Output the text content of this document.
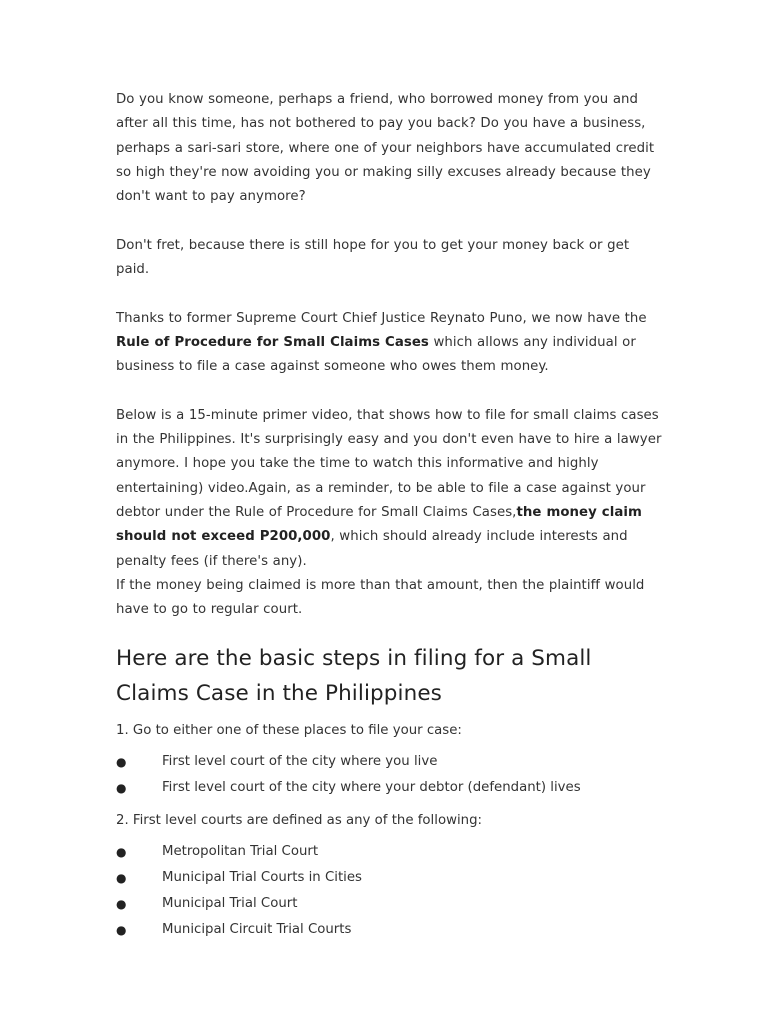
Do you know someone, perhaps a friend, who borrowed money from you and after all this time, has not bothered to pay you back? Do you have a business, perhaps a sari-sari store, where one of your neighbors have accumulated credit so high they're now avoiding you or making silly excuses already because they don't want to pay anymore?

Don't fret, because there is still hope for you to get your money back or get paid.

Thanks to former Supreme Court Chief Justice Reynato Puno, we now have the Rule of Procedure for Small Claims Cases which allows any individual or business to file a case against someone who owes them money.

Below is a 15-minute primer video, that shows how to file for small claims cases in the Philippines. It's surprisingly easy and you don't even have to hire a lawyer anymore. I hope you take the time to watch this informative and highly entertaining) video.Again, as a reminder, to be able to file a case against your debtor under the Rule of Procedure for Small Claims Cases,the money claim should not exceed P200,000, which should already include interests and penalty fees (if there's any).

If the money being claimed is more than that amount, then the plaintiff would have to go to regular court.

Here are the basic steps in filing for a Small Claims Case in the Philippines

1. Go to either one of these places to file your case:

●	First level court of the city where you live
●	First level court of the city where your debtor (defendant) lives

2. First level courts are defined as any of the following:

●	Metropolitan Trial Court
●	Municipal Trial Courts in Cities
●	Municipal Trial Court
●	Municipal Circuit Trial Courts
